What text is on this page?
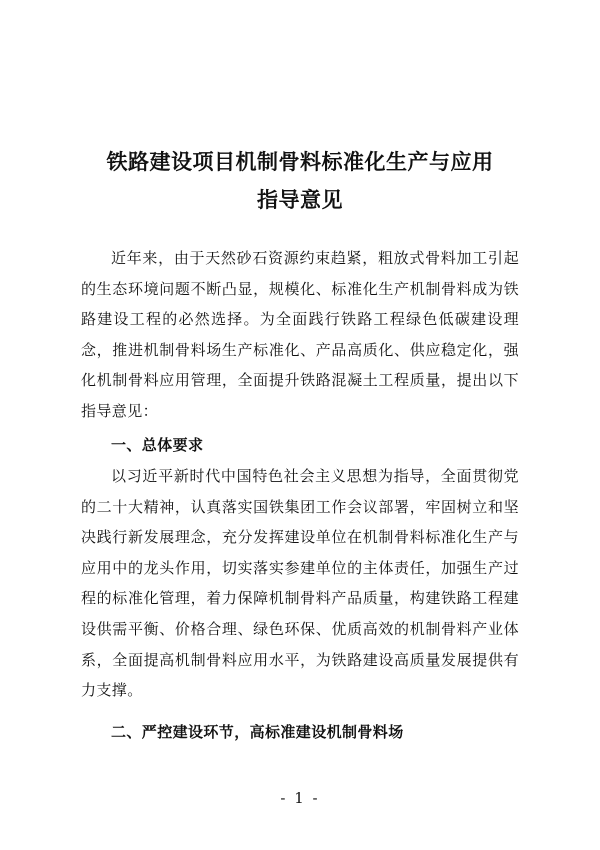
铁路建设项目机制骨料标准化生产与应用
指导意见

近年来，由于天然砂石资源约束趋紧，粗放式骨料加工引起的生态环境问题不断凸显，规模化、标准化生产机制骨料成为铁路建设工程的必然选择。为全面践行铁路工程绿色低碳建设理念，推进机制骨料场生产标准化、产品高质化、供应稳定化，强化机制骨料应用管理，全面提升铁路混凝土工程质量，提出以下指导意见：

一、总体要求

以习近平新时代中国特色社会主义思想为指导，全面贯彻党的二十大精神，认真落实国铁集团工作会议部署，牢固树立和坚决践行新发展理念，充分发挥建设单位在机制骨料标准化生产与应用中的龙头作用，切实落实参建单位的主体责任，加强生产过程的标准化管理，着力保障机制骨料产品质量，构建铁路工程建设供需平衡、价格合理、绿色环保、优质高效的机制骨料产业体系，全面提高机制骨料应用水平，为铁路建设高质量发展提供有力支撑。

二、严控建设环节，高标准建设机制骨料场

- 1 -
